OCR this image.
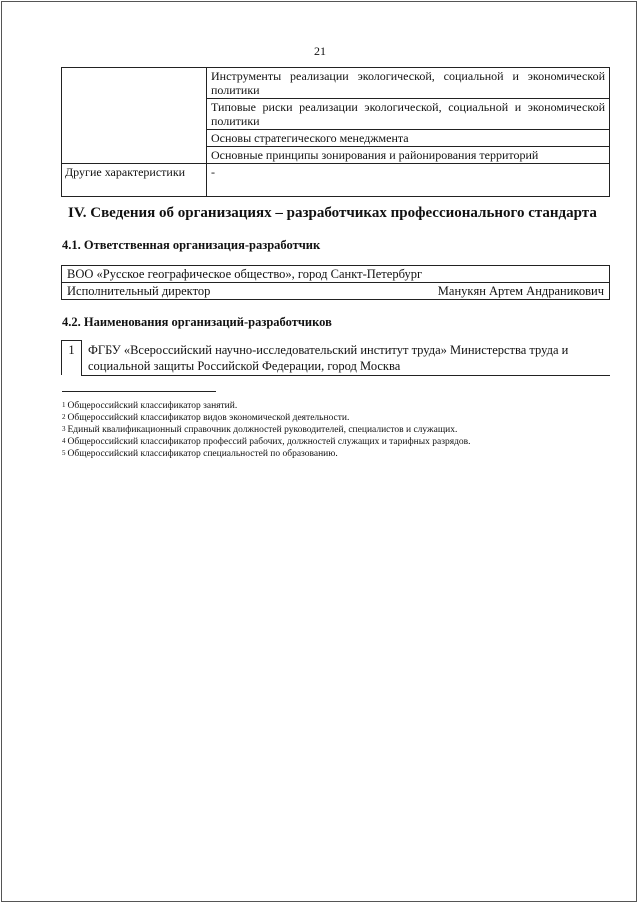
21
	Инструменты реализации экологической, социальной и экономической политики
	Типовые риски реализации экологической, социальной и экономической политики
	Основы стратегического менеджмента
	Основные принципы зонирования и районирования территорий
Другие характеристики	-
IV. Сведения об организациях – разработчиках профессионального стандарта
4.1. Ответственная организация-разработчик
ВОО «Русское географическое общество», город Санкт-Петербург

Исполнительный директор	Манукян Артем Андраникович
4.2. Наименования организаций-разработчиков
1	ФГБУ «Всероссийский научно-исследовательский институт труда» Министерства труда и социальной защиты Российской Федерации, город Москва
$^1$ Общероссийский классификатор занятий.
$^2$ Общероссийский классификатор видов экономической деятельности.
$^3$ Единый квалификационный справочник должностей руководителей, специалистов и служащих.
$^4$ Общероссийский классификатор профессий рабочих, должностей служащих и тарифных разрядов.
$^5$ Общероссийский классификатор специальностей по образованию.
